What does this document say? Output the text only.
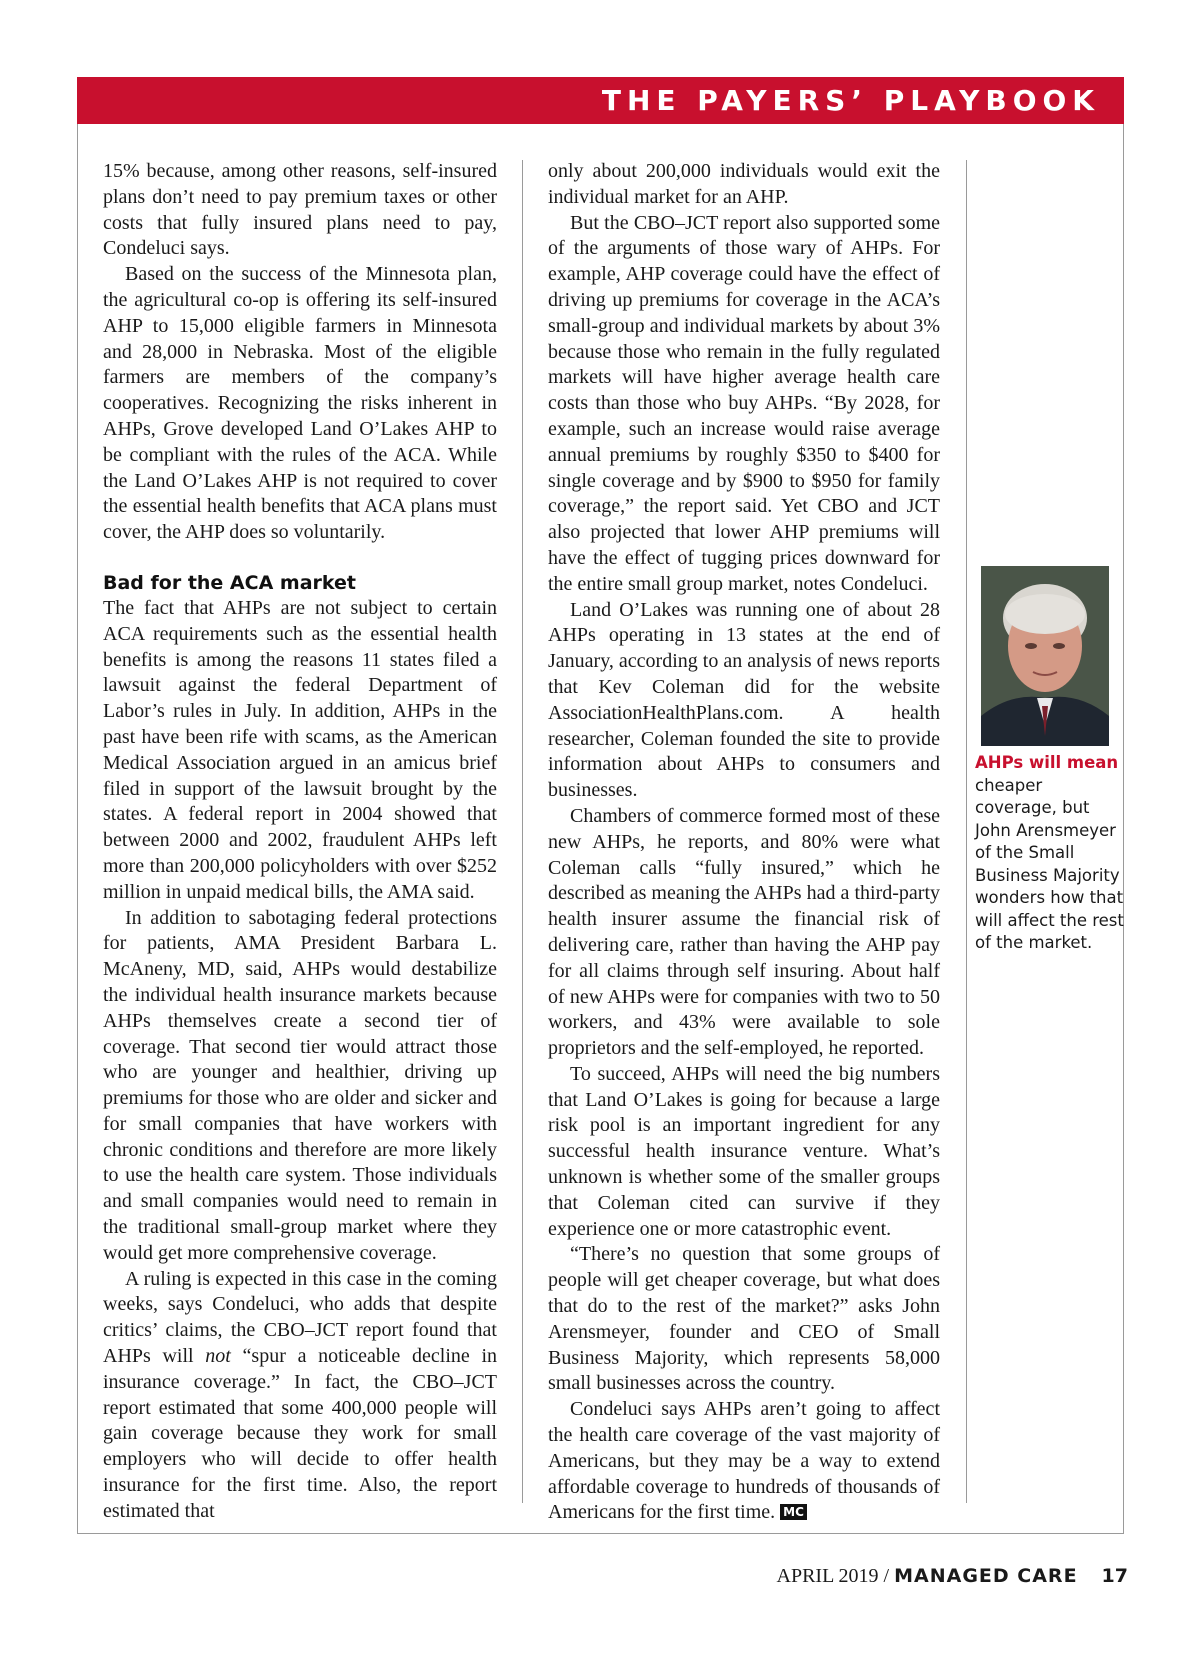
THE PAYERS’ PLAYBOOK

15% because, among other reasons, self-insured plans don’t need to pay premium taxes or other costs that fully insured plans need to pay, Condeluci says.

Based on the success of the Minnesota plan, the agricultural co-op is offering its self-insured AHP to 15,000 eligible farmers in Minnesota and 28,000 in Nebraska. Most of the eligible farmers are members of the company’s cooperatives. Recognizing the risks inherent in AHPs, Grove developed Land O’Lakes AHP to be compliant with the rules of the ACA. While the Land O’Lakes AHP is not required to cover the essential health benefits that ACA plans must cover, the AHP does so voluntarily.

Bad for the ACA market

The fact that AHPs are not subject to certain ACA requirements such as the essential health benefits is among the reasons 11 states filed a lawsuit against the federal Department of Labor’s rules in July. In addition, AHPs in the past have been rife with scams, as the American Medical Association argued in an amicus brief filed in support of the lawsuit brought by the states. A federal report in 2004 showed that between 2000 and 2002, fraudulent AHPs left more than 200,000 policyholders with over $252 million in unpaid medical bills, the AMA said.

In addition to sabotaging federal protections for patients, AMA President Barbara L. McAneny, MD, said, AHPs would destabilize the individual health insurance markets because AHPs themselves create a second tier of coverage. That second tier would attract those who are younger and healthier, driving up premiums for those who are older and sicker and for small companies that have workers with chronic conditions and therefore are more likely to use the health care system. Those individuals and small companies would need to remain in the traditional small-group market where they would get more comprehensive coverage.

A ruling is expected in this case in the coming weeks, says Condeluci, who adds that despite critics’ claims, the CBO–JCT report found that AHPs will not “spur a noticeable decline in insurance coverage.” In fact, the CBO–JCT report estimated that some 400,000 people will gain coverage because they work for small employers who will decide to offer health insurance for the first time. Also, the report estimated that

only about 200,000 individuals would exit the individual market for an AHP.

But the CBO–JCT report also supported some of the arguments of those wary of AHPs. For example, AHP coverage could have the effect of driving up premiums for coverage in the ACA’s small-group and individual markets by about 3% because those who remain in the fully regulated markets will have higher average health care costs than those who buy AHPs. “By 2028, for example, such an increase would raise average annual premiums by roughly $350 to $400 for single coverage and by $900 to $950 for family coverage,” the report said. Yet CBO and JCT also projected that lower AHP premiums will have the effect of tugging prices downward for the entire small group market, notes Condeluci.

Land O’Lakes was running one of about 28 AHPs operating in 13 states at the end of January, according to an analysis of news reports that Kev Coleman did for the website AssociationHealthPlans.com. A health researcher, Coleman founded the site to provide information about AHPs to consumers and businesses.

Chambers of commerce formed most of these new AHPs, he reports, and 80% were what Coleman calls “fully insured,” which he described as meaning the AHPs had a third-party health insurer assume the financial risk of delivering care, rather than having the AHP pay for all claims through self insuring. About half of new AHPs were for companies with two to 50 workers, and 43% were available to sole proprietors and the self-employed, he reported.

To succeed, AHPs will need the big numbers that Land O’Lakes is going for because a large risk pool is an important ingredient for any successful health insurance venture. What’s unknown is whether some of the smaller groups that Coleman cited can survive if they experience one or more catastrophic event.

“There’s no question that some groups of people will get cheaper coverage, but what does that do to the rest of the market?” asks John Arensmeyer, founder and CEO of Small Business Majority, which represents 58,000 small businesses across the country.

Condeluci says AHPs aren’t going to affect the health care coverage of the vast majority of Americans, but they may be a way to extend affordable coverage to hundreds of thousands of Americans for the first time. MC

AHPs will mean cheaper coverage, but John Arensmeyer of the Small Business Majority wonders how that will affect the rest of the market.
APRIL 2019 / MANAGED CARE 17
